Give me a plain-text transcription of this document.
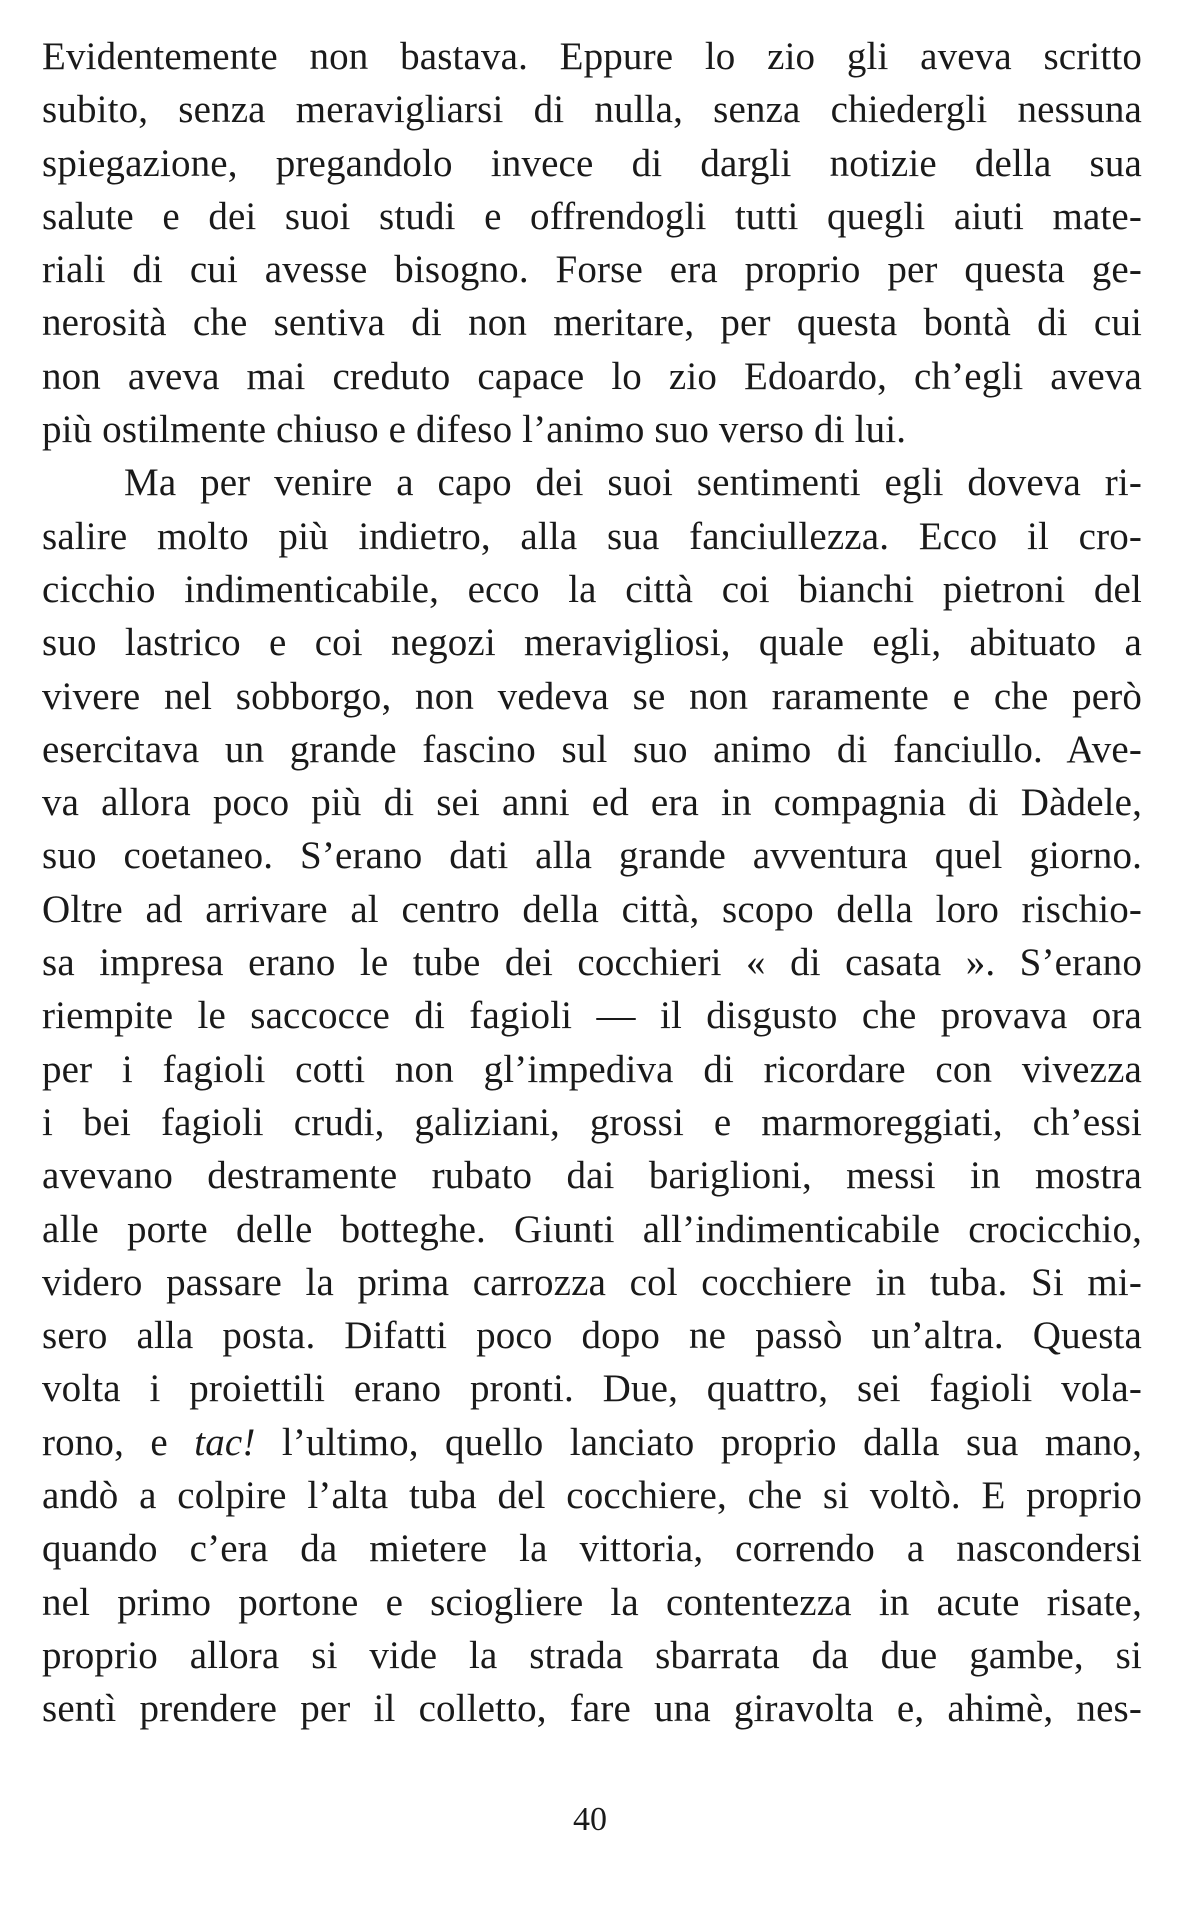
Evidentemente non bastava. Eppure lo zio gli aveva scritto
subito, senza meravigliarsi di nulla, senza chiedergli nessuna
spiegazione, pregandolo invece di dargli notizie della sua
salute e dei suoi studi e offrendogli tutti quegli aiuti mate-
riali di cui avesse bisogno. Forse era proprio per questa ge-
nerosità che sentiva di non meritare, per questa bontà di cui
non aveva mai creduto capace lo zio Edoardo, ch’egli aveva
più ostilmente chiuso e difeso l’animo suo verso di lui.
Ma per venire a capo dei suoi sentimenti egli doveva ri-
salire molto più indietro, alla sua fanciullezza. Ecco il cro-
cicchio indimenticabile, ecco la città coi bianchi pietroni del
suo lastrico e coi negozi meravigliosi, quale egli, abituato a
vivere nel sobborgo, non vedeva se non raramente e che però
esercitava un grande fascino sul suo animo di fanciullo. Ave-
va allora poco più di sei anni ed era in compagnia di Dàdele,
suo coetaneo. S’erano dati alla grande avventura quel giorno.
Oltre ad arrivare al centro della città, scopo della loro rischio-
sa impresa erano le tube dei cocchieri « di casata ». S’erano
riempite le saccocce di fagioli — il disgusto che provava ora
per i fagioli cotti non gl’impediva di ricordare con vivezza
i bei fagioli crudi, galiziani, grossi e marmoreggiati, ch’essi
avevano destramente rubato dai bariglioni, messi in mostra
alle porte delle botteghe. Giunti all’indimenticabile crocicchio,
videro passare la prima carrozza col cocchiere in tuba. Si mi-
sero alla posta. Difatti poco dopo ne passò un’altra. Questa
volta i proiettili erano pronti. Due, quattro, sei fagioli vola-
rono, e tac! l’ultimo, quello lanciato proprio dalla sua mano,
andò a colpire l’alta tuba del cocchiere, che si voltò. E proprio
quando c’era da mietere la vittoria, correndo a nascondersi
nel primo portone e sciogliere la contentezza in acute risate,
proprio allora si vide la strada sbarrata da due gambe, si
sentì prendere per il colletto, fare una giravolta e, ahimè, nes-
40
